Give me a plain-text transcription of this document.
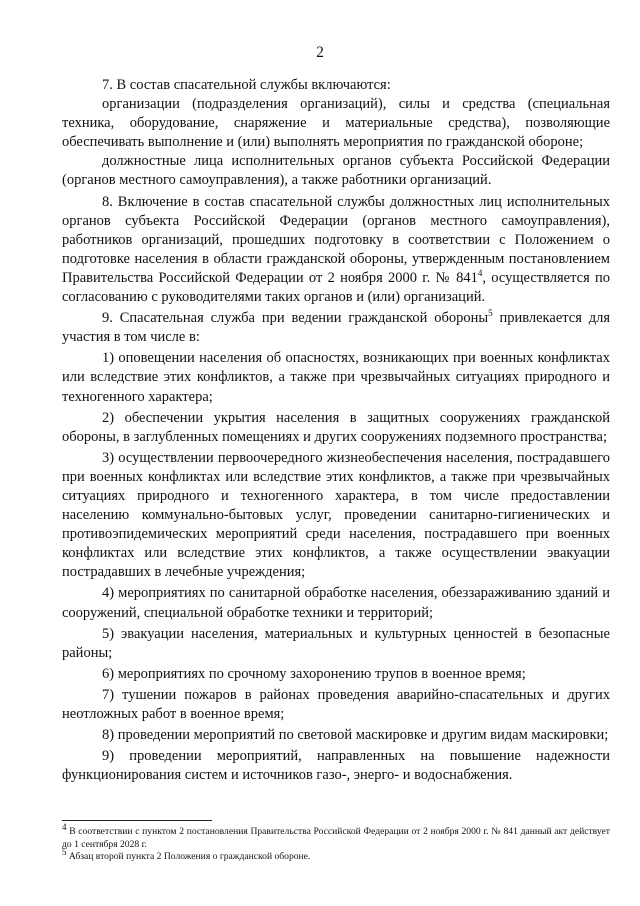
2

7. В состав спасательной службы включаются:

организации (подразделения организаций), силы и средства (специальная техника, оборудование, снаряжение и материальные средства), позволяющие обеспечивать выполнение и (или) выполнять мероприятия по гражданской обороне;

должностные лица исполнительных органов субъекта Российской Федерации (органов местного самоуправления), а также работники организаций.

8. Включение в состав спасательной службы должностных лиц исполнительных органов субъекта Российской Федерации (органов местного самоуправления), работников организаций, прошедших подготовку в соответствии с Положением о подготовке населения в области гражданской обороны, утвержденным постановлением Правительства Российской Федерации от 2 ноября 2000 г. № $841^4$, осуществляется по согласованию с руководителями таких органов и (или) организаций.

9. Спасательная служба при ведении гражданской обороны$^5$ привлекается для участия в том числе в:

1) оповещении населения об опасностях, возникающих при военных конфликтах или вследствие этих конфликтов, а также при чрезвычайных ситуациях природного и техногенного характера;

2) обеспечении укрытия населения в защитных сооружениях гражданской обороны, в заглубленных помещениях и других сооружениях подземного пространства;

3) осуществлении первоочередного жизнеобеспечения населения, пострадавшего при военных конфликтах или вследствие этих конфликтов, а также при чрезвычайных ситуациях природного и техногенного характера, в том числе предоставлении населению коммунально-бытовых услуг, проведении санитарно-гигиенических и противоэпидемических мероприятий среди населения, пострадавшего при военных конфликтах или вследствие этих конфликтов, а также осуществлении эвакуации пострадавших в лечебные учреждения;

4) мероприятиях по санитарной обработке населения, обеззараживанию зданий и сооружений, специальной обработке техники и территорий;

5) эвакуации населения, материальных и культурных ценностей в безопасные районы;

6) мероприятиях по срочному захоронению трупов в военное время;

7) тушении пожаров в районах проведения аварийно-спасательных и других неотложных работ в военное время;

8) проведении мероприятий по световой маскировке и другим видам маскировки;

9) проведении мероприятий, направленных на повышение надежности функционирования систем и источников газо-, энерго- и водоснабжения.

$^4$ В соответствии с пунктом 2 постановления Правительства Российской Федерации от 2 ноября 2000 г. № 841 данный акт действует до 1 сентября 2028 г.

$^5$ Абзац второй пункта 2 Положения о гражданской обороне.
